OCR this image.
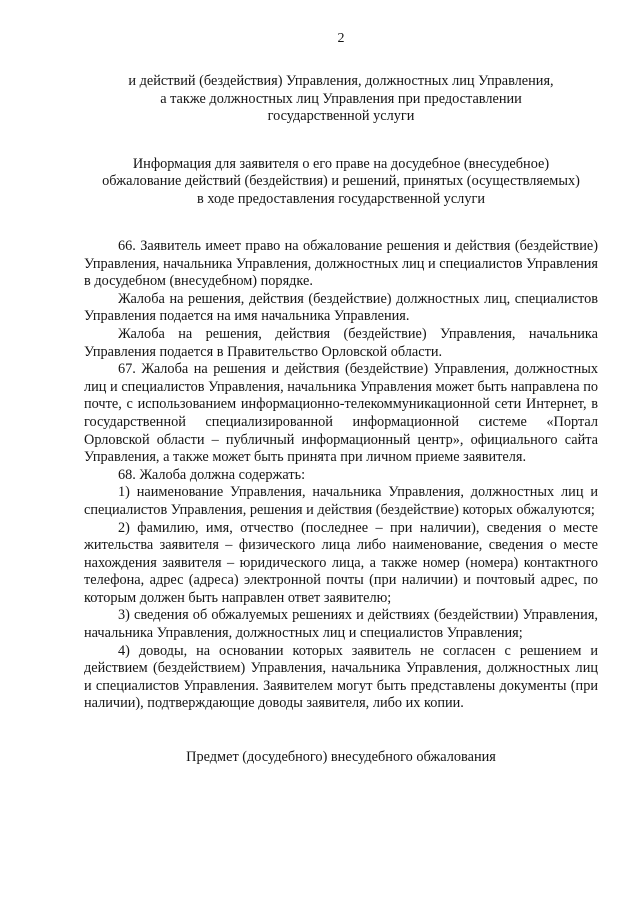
2
и действий (бездействия) Управления, должностных лиц Управления,
а также должностных лиц Управления при предоставлении
государственной услуги
Информация для заявителя о его праве на досудебное (внесудебное)
обжалование действий (бездействия) и решений, принятых (осуществляемых)
в ходе предоставления государственной услуги

66. Заявитель имеет право на обжалование решения и действия (бездействие) Управления, начальника Управления, должностных лиц и специалистов Управления в досудебном (внесудебном) порядке.

Жалоба на решения, действия (бездействие) должностных лиц, специалистов Управления подается на имя начальника Управления.

Жалоба на решения, действия (бездействие) Управления, начальника Управления подается в Правительство Орловской области.

67. Жалоба на решения и действия (бездействие) Управления, должностных лиц и специалистов Управления, начальника Управления может быть направлена по почте, с использованием информационно-телекоммуникационной сети Интернет, в государственной специализированной информационной системе «Портал Орловской области – публичный информационный центр», официального сайта Управления, а также может быть принята при личном приеме заявителя.

68. Жалоба должна содержать:

1) наименование Управления, начальника Управления, должностных лиц и специалистов Управления, решения и действия (бездействие) которых обжалуются;

2) фамилию, имя, отчество (последнее – при наличии), сведения о месте жительства заявителя – физического лица либо наименование, сведения о месте нахождения заявителя – юридического лица, а также номер (номера) контактного телефона, адрес (адреса) электронной почты (при наличии) и почтовый адрес, по которым должен быть направлен ответ заявителю;

3) сведения об обжалуемых решениях и действиях (бездействии) Управления, начальника Управления, должностных лиц и специалистов Управления;

4) доводы, на основании которых заявитель не согласен с решением и действием (бездействием) Управления, начальника Управления, должностных лиц и специалистов Управления. Заявителем могут быть представлены документы (при наличии), подтверждающие доводы заявителя, либо их копии.

Предмет (досудебного) внесудебного обжалования
